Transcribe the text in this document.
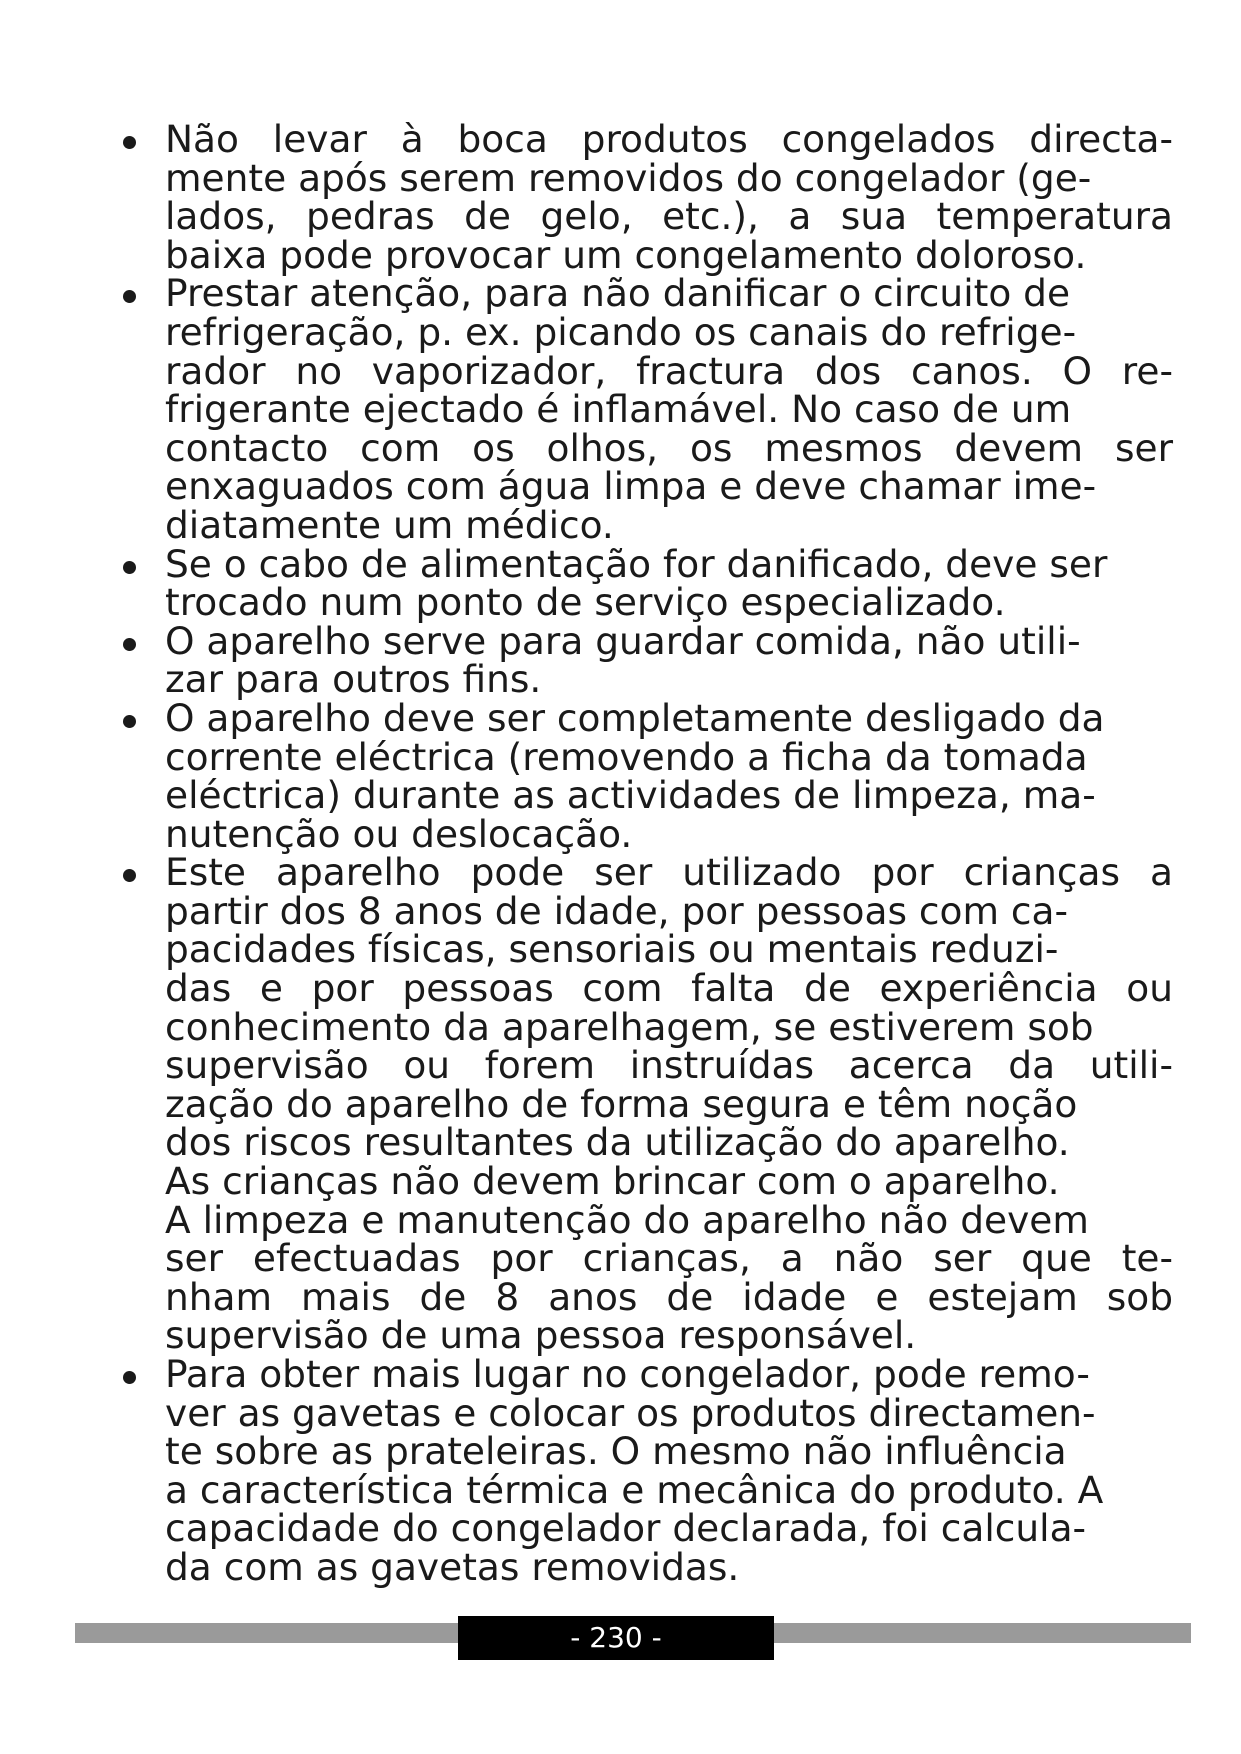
Não levar à boca produtos congelados directa-
mente após serem removidos do congelador (ge-
lados, pedras de gelo, etc.), a sua temperatura
baixa pode provocar um congelamento doloroso.
Prestar atenção, para não danificar o circuito de
refrigeração, p. ex. picando os canais do refrige-
rador no vaporizador, fractura dos canos. O re-
frigerante ejectado é inflamável. No caso de um
contacto com os olhos, os mesmos devem ser
enxaguados com água limpa e deve chamar ime-
diatamente um médico.
Se o cabo de alimentação for danificado, deve ser
trocado num ponto de serviço especializado.
O aparelho serve para guardar comida, não utili-
zar para outros fins.
O aparelho deve ser completamente desligado da
corrente eléctrica (removendo a ficha da tomada
eléctrica) durante as actividades de limpeza, ma-
nutenção ou deslocação.
Este aparelho pode ser utilizado por crianças a
partir dos 8 anos de idade, por pessoas com ca-
pacidades físicas, sensoriais ou mentais reduzi-
das e por pessoas com falta de experiência ou
conhecimento da aparelhagem, se estiverem sob
supervisão ou forem instruídas acerca da utili-
zação do aparelho de forma segura e têm noção
dos riscos resultantes da utilização do aparelho.
As crianças não devem brincar com o aparelho.
A limpeza e manutenção do aparelho não devem
ser efectuadas por crianças, a não ser que te-
nham mais de 8 anos de idade e estejam sob
supervisão de uma pessoa responsável.
Para obter mais lugar no congelador, pode remo-
ver as gavetas e colocar os produtos directamen-
te sobre as prateleiras. O mesmo não influência
a característica térmica e mecânica do produto. A
capacidade do congelador declarada, foi calcula-
da com as gavetas removidas.
- 230 -
